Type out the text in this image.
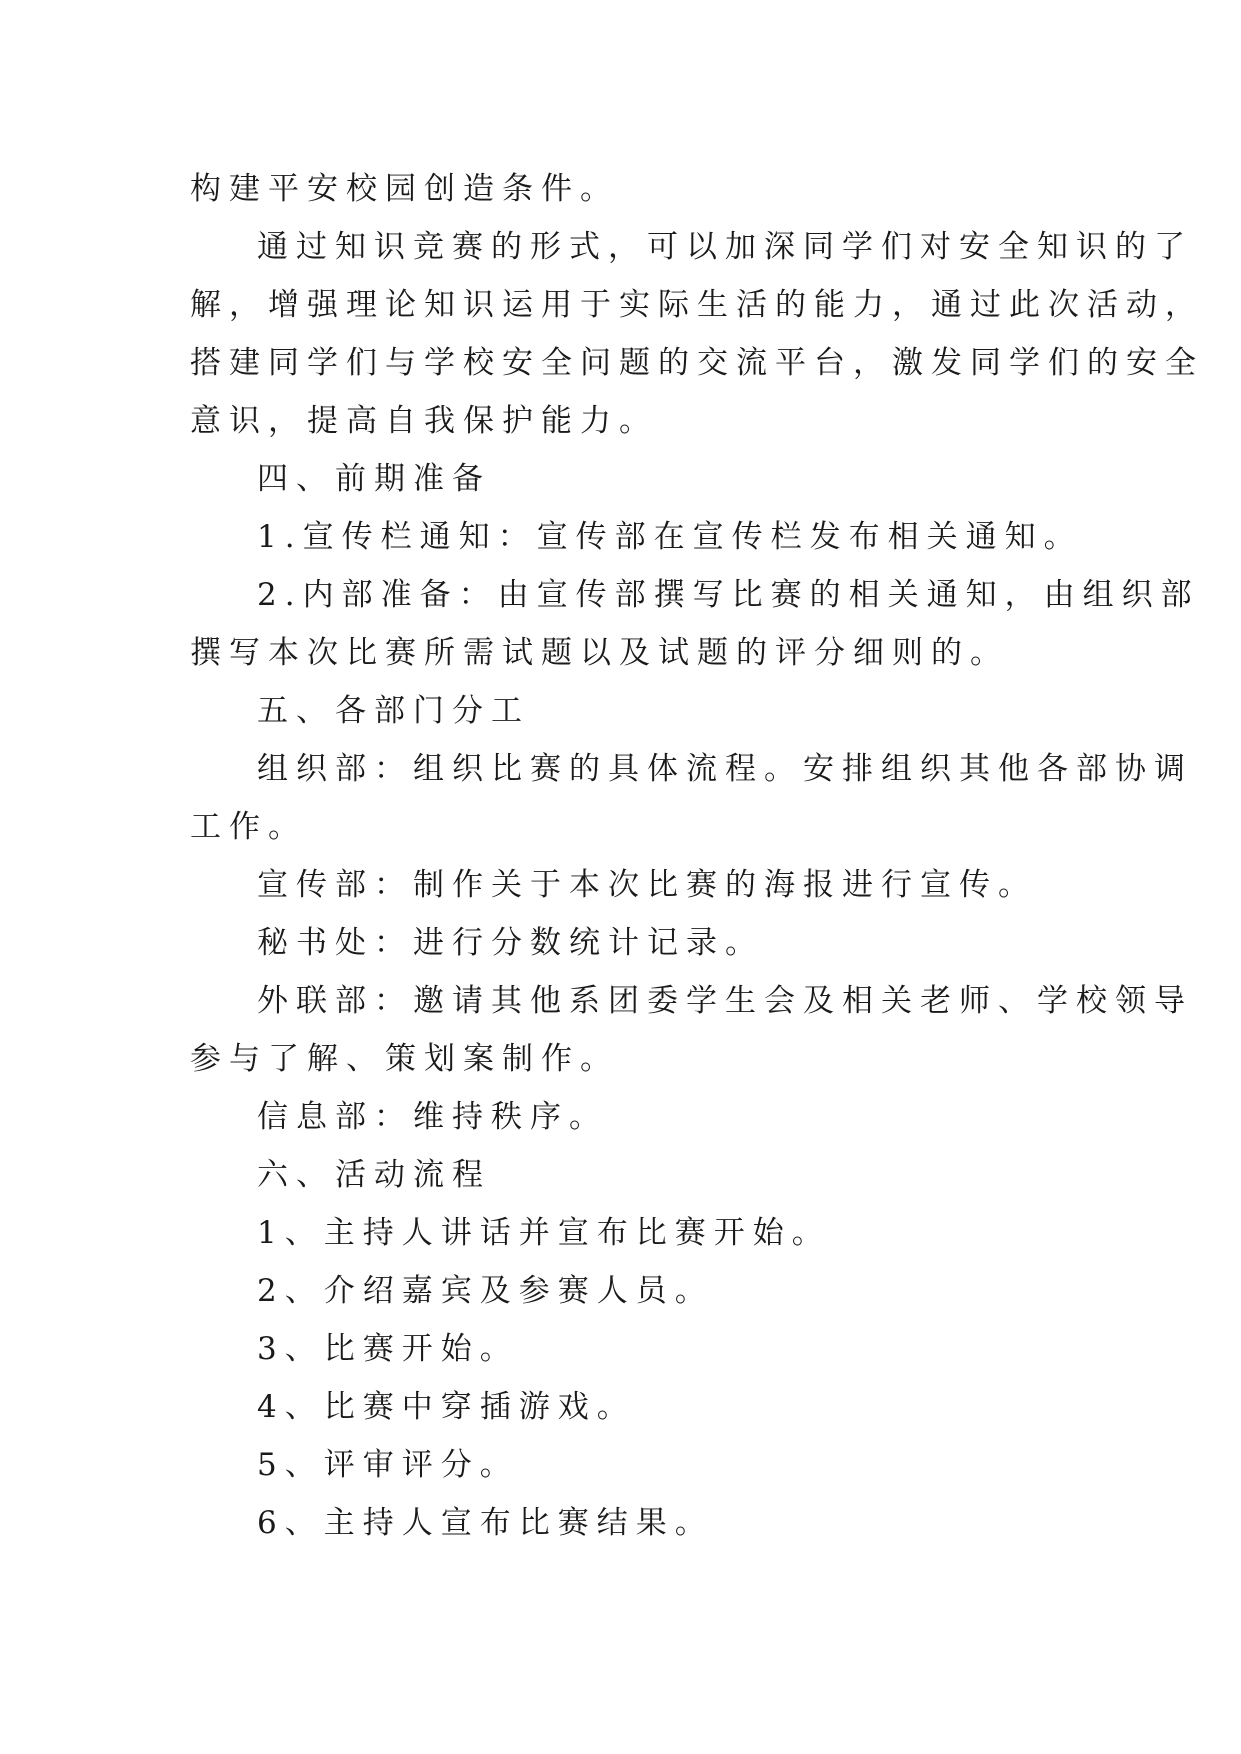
构建平安校园创造条件。
通过知识竞赛的形式，可以加深同学们对安全知识的了
解，增强理论知识运用于实际生活的能力，通过此次活动，
搭建同学们与学校安全问题的交流平台，激发同学们的安全
意识，提高自我保护能力。
四、前期准备
1.宣传栏通知：宣传部在宣传栏发布相关通知。
2.内部准备：由宣传部撰写比赛的相关通知，由组织部
撰写本次比赛所需试题以及试题的评分细则的。
五、各部门分工
组织部：组织比赛的具体流程。安排组织其他各部协调
工作。
宣传部：制作关于本次比赛的海报进行宣传。
秘书处：进行分数统计记录。
外联部：邀请其他系团委学生会及相关老师、学校领导
参与了解、策划案制作。
信息部：维持秩序。
六、活动流程
1、主持人讲话并宣布比赛开始。
2、介绍嘉宾及参赛人员。
3、比赛开始。
4、比赛中穿插游戏。
5、评审评分。
6、主持人宣布比赛结果。
